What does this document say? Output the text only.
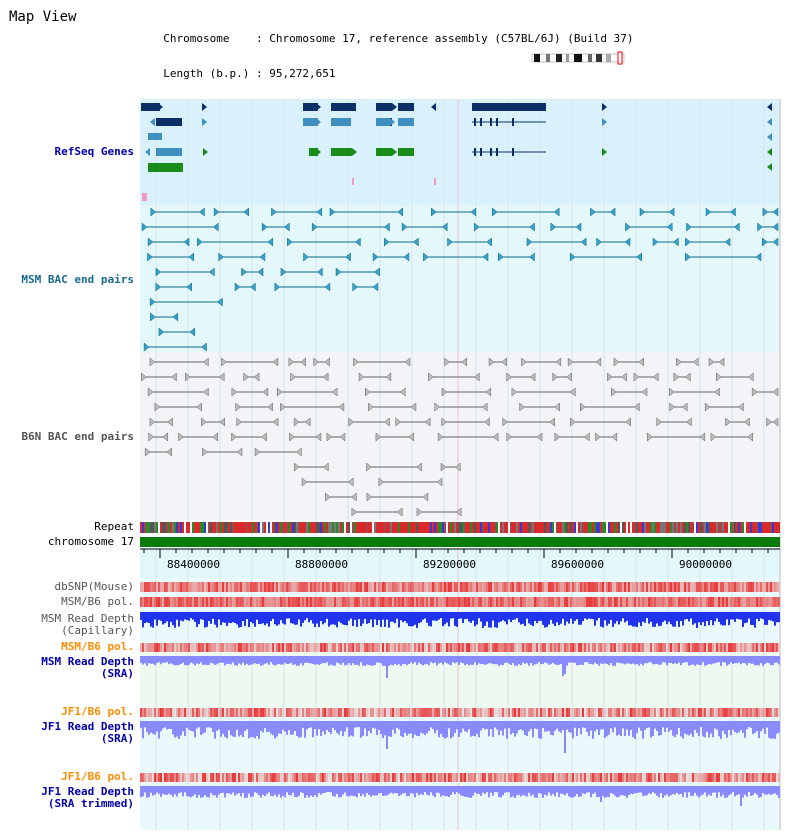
Map View

Chromosome    : Chromosome 17, reference assembly (C57BL/6J) (Build 37)

Length (b.p.) : 95,272,651

RefSeq Genes
MSM BAC end pairs
B6N BAC end pairs
Repeat
chromosome 17
dbSNP(Mouse)
MSM/B6 pol.
MSM Read Depth
(Capillary)
MSM/B6 pol.
MSM Read Depth
(SRA)
JF1/B6 pol.
JF1 Read Depth
(SRA)
JF1/B6 pol.
JF1 Read Depth
(SRA trimmed)
88400000	88800000	89200000	89600000	90000000
